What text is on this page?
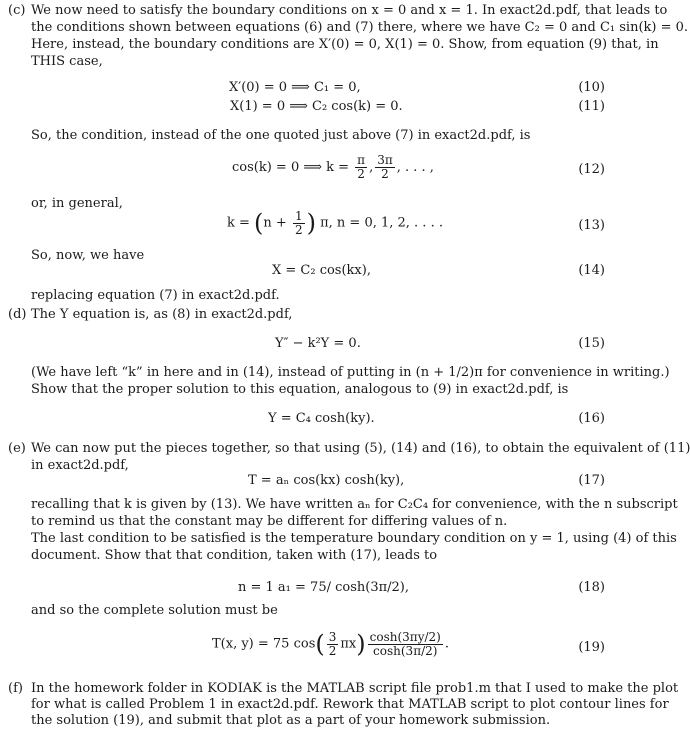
(c) We now need to satisfy the boundary conditions on x = 0 and x = 1. In exact2d.pdf, that leads to
the conditions shown between equations (6) and (7) there, where we have C₂ = 0 and C₁ sin(k) = 0.
Here, instead, the boundary conditions are X′(0) = 0, X(1) = 0. Show, from equation (9) that, in
THIS case,
X′(0) = 0 ⟹ C₁ = 0,	(10)
X(1) = 0 ⟹ C₂ cos(k) = 0.	(11)
So, the condition, instead of the one quoted just above (7) in exact2d.pdf, is
cos(k) = 0 ⟹ $k = \frac{\pi}{2}$ , $\frac{3\pi}{2}$ , . . . ,	(12)
or, in general,
$k = (n + \frac{1}{2}$ ) π, n = 0, 1, 2, . . . .	(13)
So, now, we have
X = C₂ cos(kx),	(14)
replacing equation (7) in exact2d.pdf.
(d) The Y equation is, as (8) in exact2d.pdf,
Y″ − k²Y = 0.	(15)
(We have left “k” in here and in (14), instead of putting in (n + 1/2)π for convenience in writing.)
Show that the proper solution to this equation, analogous to (9) in exact2d.pdf, is
Y = C₄ cosh(ky).	(16)
(e) We can now put the pieces together, so that using (5), (14) and (16), to obtain the equivalent of (11)
in exact2d.pdf,
T = aₙ cos(kx) cosh(ky),	(17)
recalling that k is given by (13). We have written aₙ for C₂C₄ for convenience, with the n subscript
to remind us that the constant may be different for differing values of n.
The last condition to be satisfied is the temperature boundary condition on y = 1, using (4) of this
document. Show that that condition, taken with (17), leads to
n = 1 a₁ = 75/ cosh(3π/2),	(18)
and so the complete solution must be
T(x, y) = 75 $\cos( \frac{3}{2} \pi x) \frac{\cosh(3\pi y/2)}{\cosh(3\pi/2)}$ .	(19)
(f) In the homework folder in KODIAK is the MATLAB script file prob1.m that I used to make the plot
for what is called Problem 1 in exact2d.pdf. Rework that MATLAB script to plot contour lines for
the solution (19), and submit that plot as a part of your homework submission.
